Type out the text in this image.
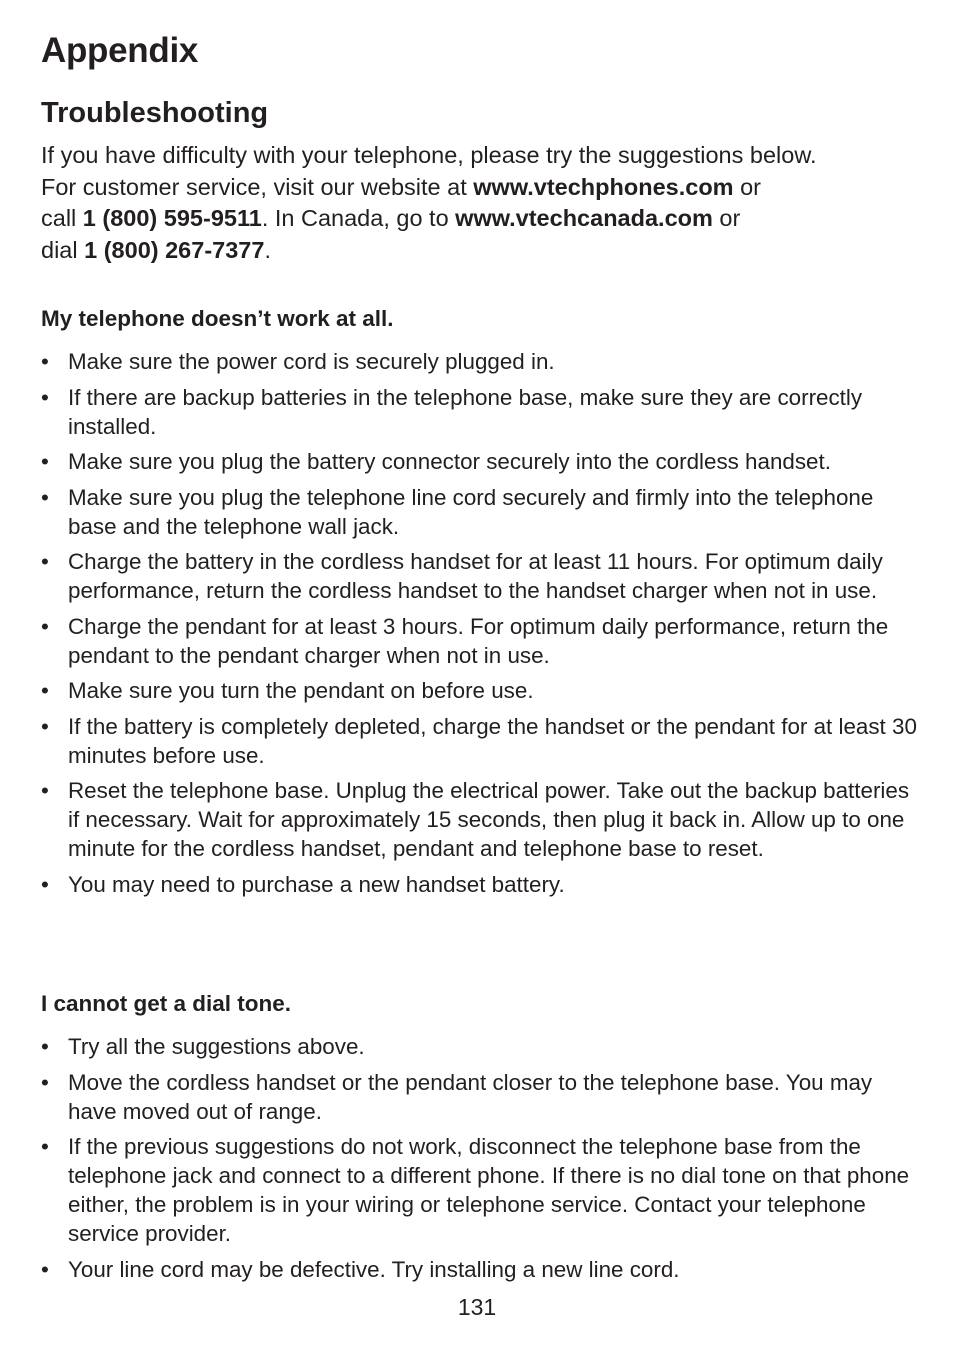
Appendix
Troubleshooting
If you have difficulty with your telephone, please try the suggestions below.
For customer service, visit our website at www.vtechphones.com or
call 1 (800) 595-9511. In Canada, go to www.vtechcanada.com or
dial 1 (800) 267-7377.
My telephone doesn’t work at all.
• Make sure the power cord is securely plugged in.
• If there are backup batteries in the telephone base, make sure they are correctly installed.
• Make sure you plug the battery connector securely into the cordless handset.
• Make sure you plug the telephone line cord securely and firmly into the telephone base and the telephone wall jack.
• Charge the battery in the cordless handset for at least 11 hours. For optimum daily performance, return the cordless handset to the handset charger when not in use.
• Charge the pendant for at least 3 hours. For optimum daily performance, return the pendant to the pendant charger when not in use.
• Make sure you turn the pendant on before use.
• If the battery is completely depleted, charge the handset or the pendant for at least 30 minutes before use.
• Reset the telephone base. Unplug the electrical power. Take out the backup batteries if necessary. Wait for approximately 15 seconds, then plug it back in. Allow up to one minute for the cordless handset, pendant and telephone base to reset.
• You may need to purchase a new handset battery.
I cannot get a dial tone.
• Try all the suggestions above.
• Move the cordless handset or the pendant closer to the telephone base. You may have moved out of range.
• If the previous suggestions do not work, disconnect the telephone base from the telephone jack and connect to a different phone. If there is no dial tone on that phone either, the problem is in your wiring or telephone service. Contact your telephone service provider.
• Your line cord may be defective. Try installing a new line cord.
131
